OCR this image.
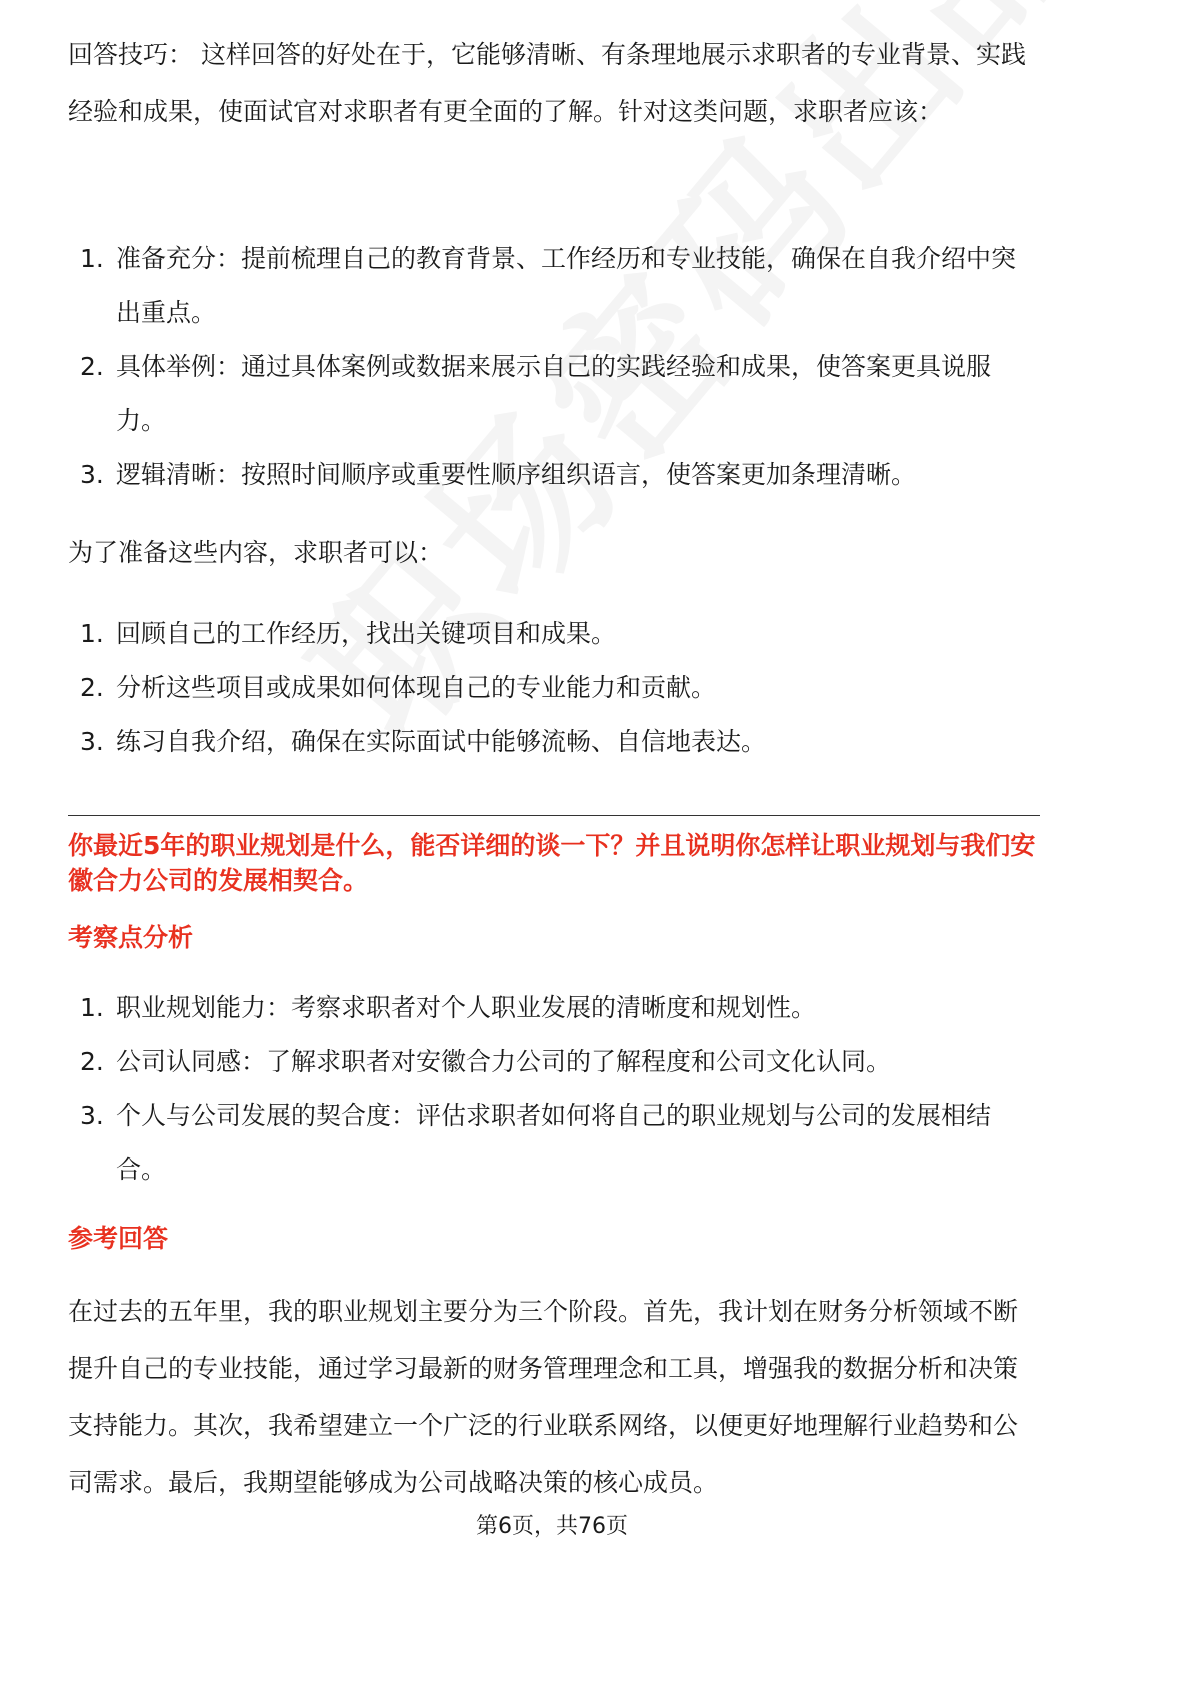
回答技巧： 这样回答的好处在于，它能够清晰、有条理地展示求职者的专业背景、实践经验和成果，使面试官对求职者有更全面的了解。针对这类问题，求职者应该：

1. 准备充分：提前梳理自己的教育背景、工作经历和专业技能，确保在自我介绍中突出重点。
2. 具体举例：通过具体案例或数据来展示自己的实践经验和成果，使答案更具说服力。
3. 逻辑清晰：按照时间顺序或重要性顺序组织语言，使答案更加条理清晰。

为了准备这些内容，求职者可以：

1. 回顾自己的工作经历，找出关键项目和成果。
2. 分析这些项目或成果如何体现自己的专业能力和贡献。
3. 练习自我介绍，确保在实际面试中能够流畅、自信地表达。
你最近5年的职业规划是什么，能否详细的谈一下？并且说明你怎样让职业规划与我们安徽合力公司的发展相契合。
考察点分析
1. 职业规划能力：考察求职者对个人职业发展的清晰度和规划性。
2. 公司认同感：了解求职者对安徽合力公司的了解程度和公司文化认同。
3. 个人与公司发展的契合度：评估求职者如何将自己的职业规划与公司的发展相结合。
参考回答

在过去的五年里，我的职业规划主要分为三个阶段。首先，我计划在财务分析领域不断提升自己的专业技能，通过学习最新的财务管理理念和工具，增强我的数据分析和决策支持能力。其次，我希望建立一个广泛的行业联系网络，以便更好地理解行业趋势和公司需求。最后，我期望能够成为公司战略决策的核心成员。

第6页，共76页
